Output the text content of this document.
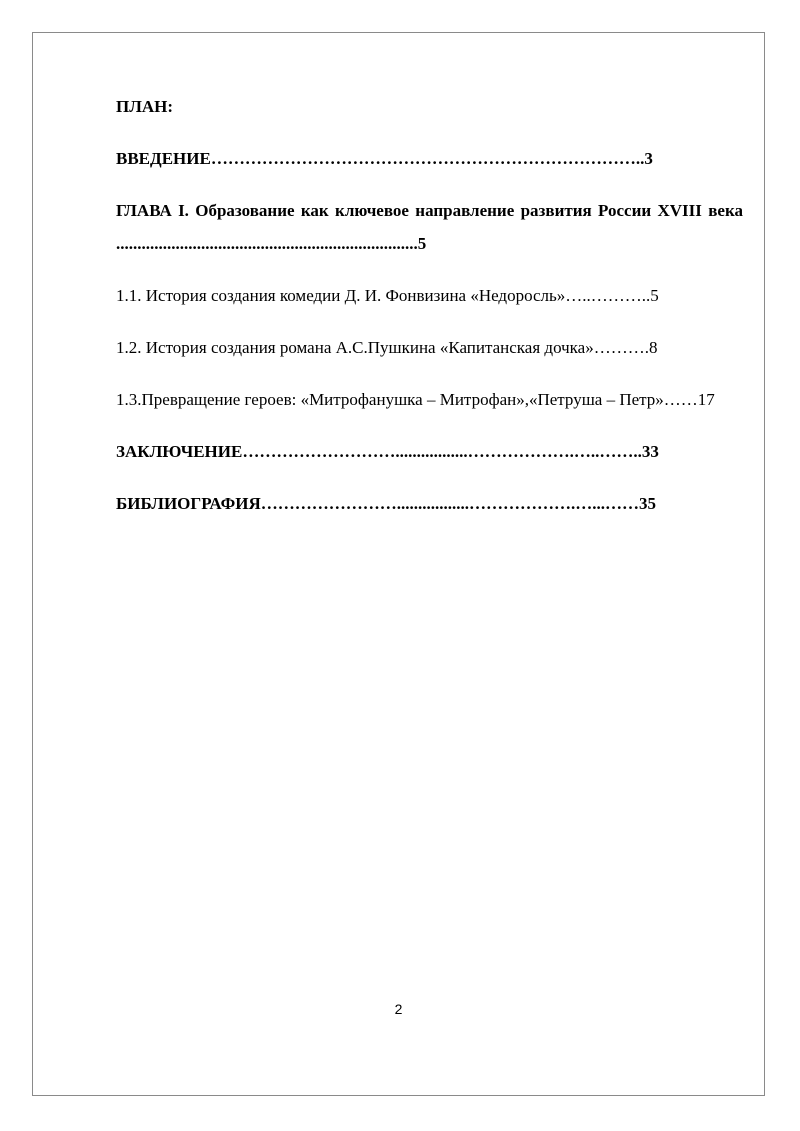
ПЛАН:

ВВЕДЕНИЕ…………………………………………………………………..3

ГЛАВА I. Образование как ключевое направление развития России XVIII века .......................................................................5

1.1. История создания комедии Д. И. Фонвизина «Недоросль»…..………..5

1.2. История создания романа А.С.Пушкина «Капитанская дочка»……….8

1.3.Превращение героев: «Митрофанушка – Митрофан»,«Петруша – Петр»……17

ЗАКЛЮЧЕНИЕ……………………….................……………….…..……..33

БИБЛИОГРАФИЯ…………………….................……………….…...……35

2
